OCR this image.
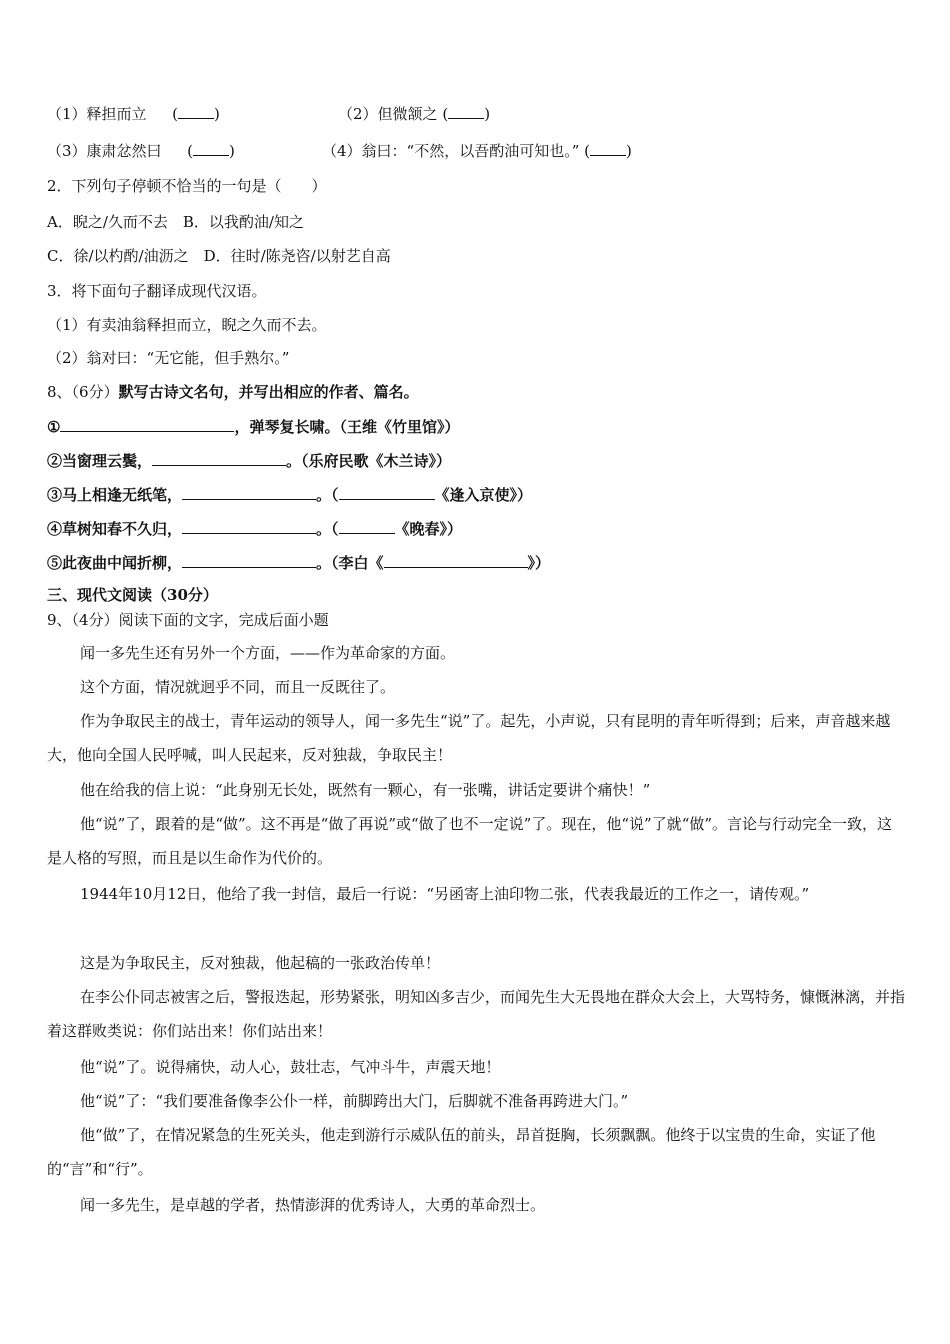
（1）释担而立 ( )	（2）但微颔之 ( )
（3）康肃忿然曰 ( )	（4）翁曰：“不然，以吾酌油可知也。” ( )
2．下列句子停顿不恰当的一句是（　　）
A．睨之/久而不去　B．以我酌油/知之
C．徐/以杓酌/油沥之　D．往时/陈尧咨/以射艺自高
3．将下面句子翻译成现代汉语。
（1）有卖油翁释担而立，睨之久而不去。
（2）翁对曰：“无它能，但手熟尔。”
8、（6分）默写古诗文名句，并写出相应的作者、篇名。
①	，弹琴复长啸。（王维《竹里馆》）
②当窗理云鬓，	。（乐府民歌《木兰诗》）
③马上相逢无纸笔，	。（	《逢入京使》）
④草树知春不久归，	。（	《晚春》）
⑤此夜曲中闻折柳，	。（李白《	》）
三、现代文阅读（30分）
9、（4分）阅读下面的文字，完成后面小题
闻一多先生还有另外一个方面，——作为革命家的方面。
这个方面，情况就迥乎不同，而且一反既往了。
作为争取民主的战士，青年运动的领导人，闻一多先生“说”了。起先，小声说，只有昆明的青年听得到；后来，声音越来越大，他向全国人民呼喊，叫人民起来，反对独裁，争取民主！
他在给我的信上说：“此身别无长处，既然有一颗心，有一张嘴，讲话定要讲个痛快！”
他“说”了，跟着的是“做”。这不再是“做了再说”或“做了也不一定说”了。现在，他“说”了就“做”。言论与行动完全一致，这是人格的写照，而且是以生命作为代价的。
1944年10月12日，他给了我一封信，最后一行说：“另函寄上油印物二张，代表我最近的工作之一，请传观。”
这是为争取民主，反对独裁，他起稿的一张政治传单！
在李公仆同志被害之后，警报迭起，形势紧张，明知凶多吉少，而闻先生大无畏地在群众大会上，大骂特务，慷慨淋漓，并指着这群败类说：你们站出来！你们站出来！
他“说”了。说得痛快，动人心，鼓壮志，气冲斗牛，声震天地！
他“说”了：“我们要准备像李公仆一样，前脚跨出大门，后脚就不准备再跨进大门。”
他“做”了，在情况紧急的生死关头，他走到游行示威队伍的前头，昂首挺胸，长须飘飘。他终于以宝贵的生命，实证了他的“言”和“行”。
闻一多先生，是卓越的学者，热情澎湃的优秀诗人，大勇的革命烈士。
